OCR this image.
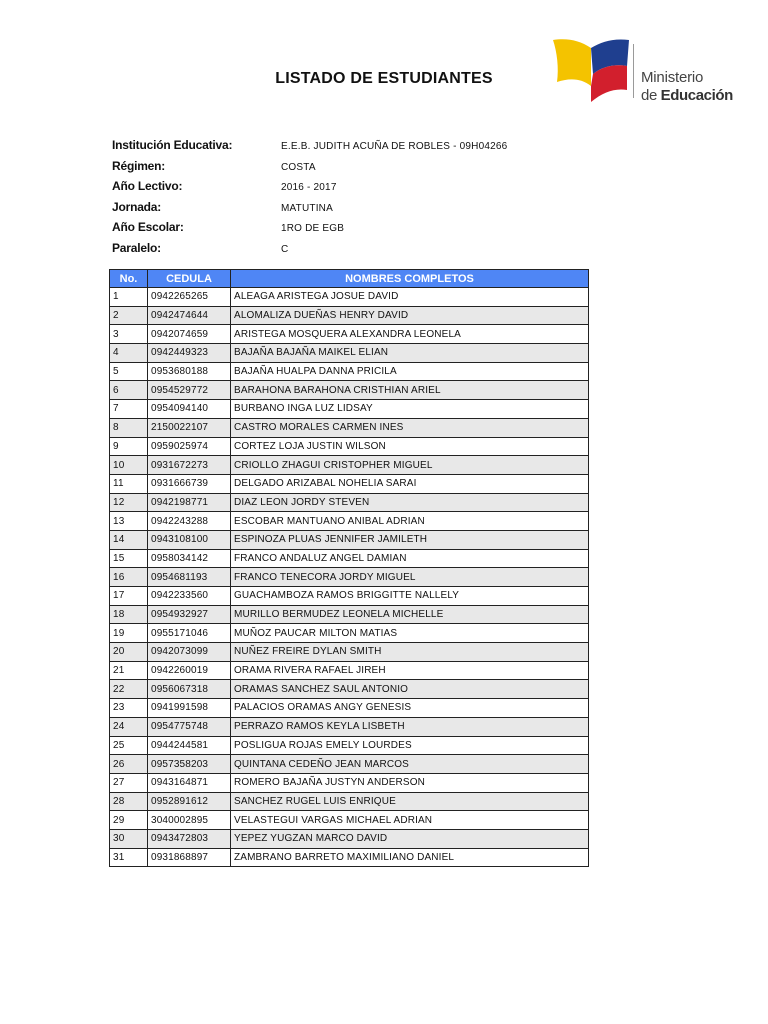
LISTADO DE ESTUDIANTES	Ministerio
de Educación
Institución Educativa:	E.E.B. JUDITH ACUÑA DE ROBLES - 09H04266
Régimen:	COSTA
Año Lectivo:	2016 - 2017
Jornada:	MATUTINA
Año Escolar:	1RO DE EGB
Paralelo:	C
No.	CEDULA	NOMBRES COMPLETOS
1	0942265265	ALEAGA ARISTEGA JOSUE DAVID
2	0942474644	ALOMALIZA DUEÑAS HENRY DAVID
3	0942074659	ARISTEGA MOSQUERA ALEXANDRA LEONELA
4	0942449323	BAJAÑA BAJAÑA MAIKEL ELIAN
5	0953680188	BAJAÑA HUALPA DANNA PRICILA
6	0954529772	BARAHONA BARAHONA CRISTHIAN ARIEL
7	0954094140	BURBANO INGA LUZ LIDSAY
8	2150022107	CASTRO MORALES CARMEN INES
9	0959025974	CORTEZ LOJA JUSTIN WILSON
10	0931672273	CRIOLLO ZHAGUI CRISTOPHER MIGUEL
11	0931666739	DELGADO ARIZABAL NOHELIA SARAI
12	0942198771	DIAZ LEON JORDY STEVEN
13	0942243288	ESCOBAR MANTUANO ANIBAL ADRIAN
14	0943108100	ESPINOZA PLUAS JENNIFER JAMILETH
15	0958034142	FRANCO ANDALUZ ANGEL DAMIAN
16	0954681193	FRANCO TENECORA JORDY MIGUEL
17	0942233560	GUACHAMBOZA RAMOS BRIGGITTE NALLELY
18	0954932927	MURILLO BERMUDEZ LEONELA MICHELLE
19	0955171046	MUÑOZ PAUCAR MILTON MATIAS
20	0942073099	NUÑEZ FREIRE DYLAN SMITH
21	0942260019	ORAMA RIVERA RAFAEL JIREH
22	0956067318	ORAMAS SANCHEZ SAUL ANTONIO
23	0941991598	PALACIOS ORAMAS ANGY GENESIS
24	0954775748	PERRAZO RAMOS KEYLA LISBETH
25	0944244581	POSLIGUA ROJAS EMELY LOURDES
26	0957358203	QUINTANA CEDEÑO JEAN MARCOS
27	0943164871	ROMERO BAJAÑA JUSTYN ANDERSON
28	0952891612	SANCHEZ RUGEL LUIS ENRIQUE
29	3040002895	VELASTEGUI VARGAS MICHAEL ADRIAN
30	0943472803	YEPEZ YUGZAN MARCO DAVID
31	0931868897	ZAMBRANO BARRETO MAXIMILIANO DANIEL
